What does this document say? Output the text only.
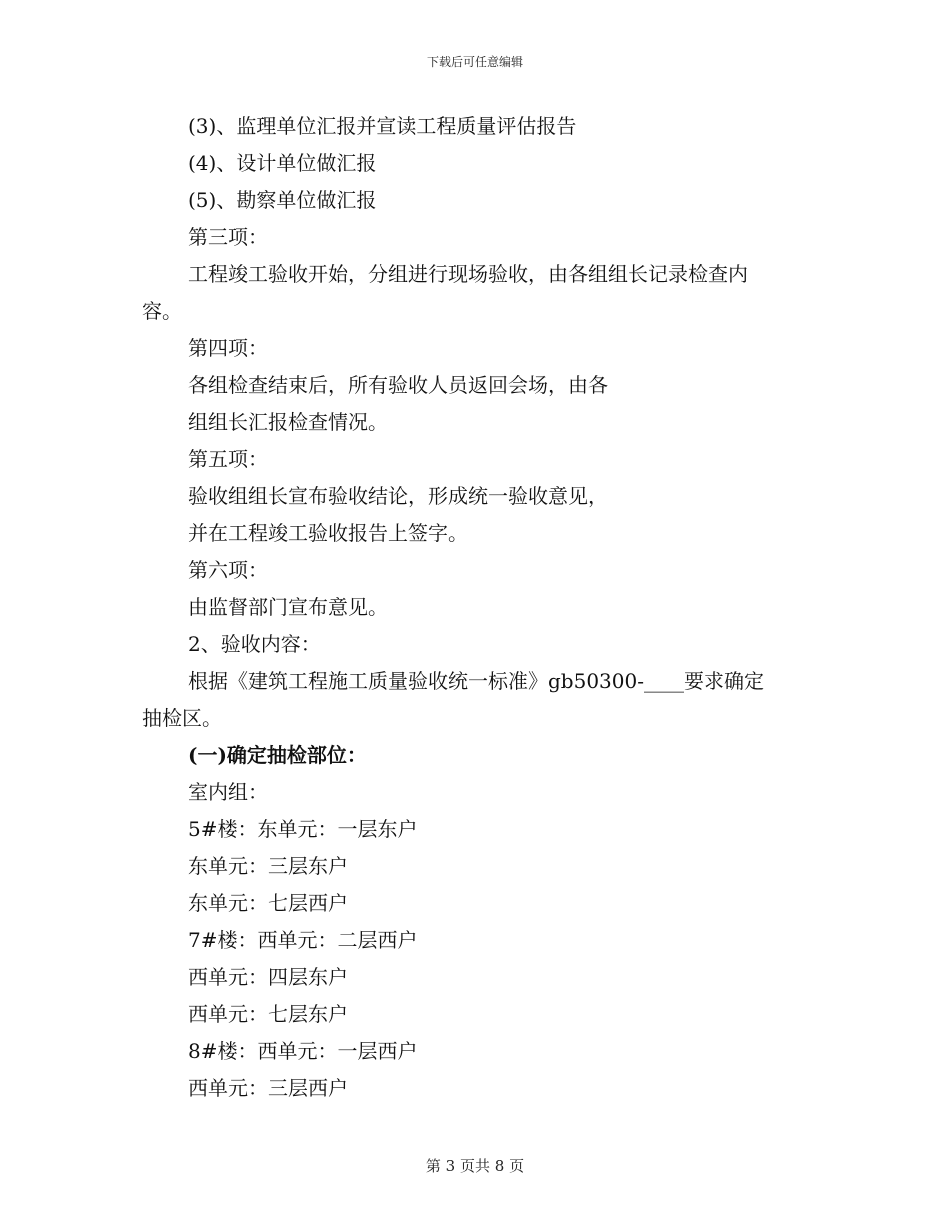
下载后可任意编辑

(3)、监理单位汇报并宣读工程质量评估报告

(4)、设计单位做汇报

(5)、勘察单位做汇报

第三项：

工程竣工验收开始，分组进行现场验收，由各组组长记录检查内

容。

第四项：

各组检查结束后，所有验收人员返回会场，由各

组组长汇报检查情况。

第五项：

验收组组长宣布验收结论，形成统一验收意见，

并在工程竣工验收报告上签字。

第六项：

由监督部门宣布意见。

2、验收内容：

根据《建筑工程施工质量验收统一标准》gb50300-____要求确定

抽检区。

(一)确定抽检部位：

室内组：

5#楼：东单元：一层东户

东单元：三层东户

东单元：七层西户

7#楼：西单元：二层西户

西单元：四层东户

西单元：七层东户

8#楼：西单元：一层西户

西单元：三层西户

第 3 页共 8 页
